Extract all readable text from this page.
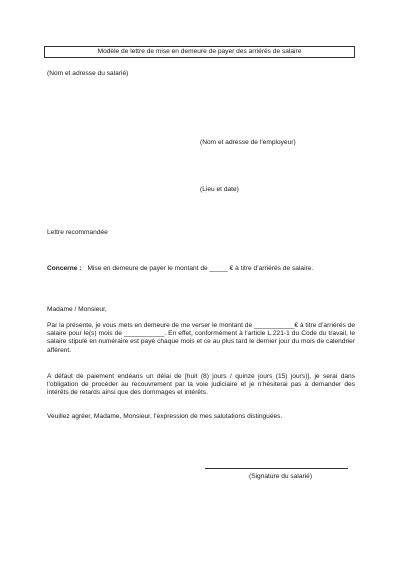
Modèle de lettre de mise en demeure de payer des arriérés de salaire
(Nom et adresse du salarié)
(Nom et adresse de l’employeur)
(Lieu et date)
Lettre recommandée
Concerne : Mise en demeure de payer le montant de _____ € à titre d’arriérés de salaire.
Madame / Monsieur,
Par la présente, je vous mets en demeure de me verser le montant de ___________€ à titre d’arriérés de salaire pour le(s) mois de ___________. En effet, conformément à l’article L.221-1 du Code du travail, le salaire stipulé en numéraire est payé chaque mois et ce au plus tard le dernier jour du mois de calendrier afférent.
A défaut de paiement endéans un délai de [huit (8) jours / quinze jours (15) jours)], je serai dans l’obligation de procéder au recouvrement par la voie judiciaire et je n’hésiterai pas à demander des intérêts de retards ainsi que des dommages et intérêts.
Veuillez agréer, Madame, Monsieur, l’expression de mes salutations distinguées.
(Signature du salarié)
